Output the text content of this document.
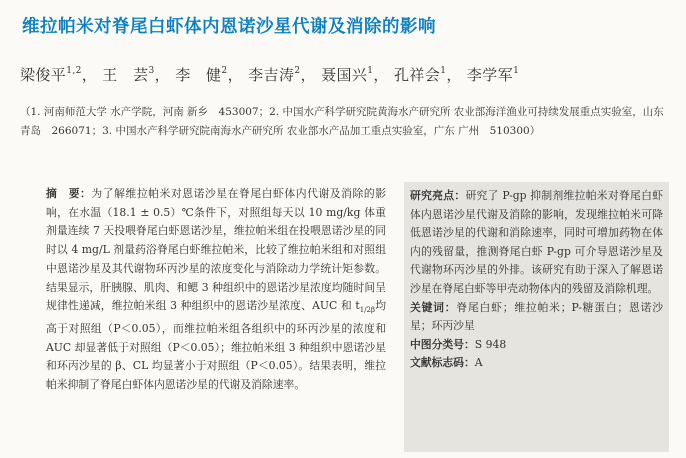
维拉帕米对脊尾白虾体内恩诺沙星代谢及消除的影响
梁俊平$^{1,2}$， 王　芸$^3$， 李　健$^2$， 李吉涛$^2$， 聂国兴$^1$， 孔祥会$^1$， 李学军$^1$
（1. 河南师范大学 水产学院，河南 新乡　453007；2. 中国水产科学研究院黄海水产研究所 农业部海洋渔业可持续发展重点实验室，山东 青岛　266071；3. 中国水产科学研究院南海水产研究所 农业部水产品加工重点实验室，广东 广州　510300）
摘　要：为了解维拉帕米对恩诺沙星在脊尾白虾体内代谢及消除的影响，在水温（18.1 ± 0.5）℃条件下，对照组每天以 10 mg/kg 体重剂量连续 7 天投喂脊尾白虾恩诺沙星，维拉帕米组在投喂恩诺沙星的同时以 4 mg/L 剂量药浴脊尾白虾维拉帕米，比较了维拉帕米组和对照组中恩诺沙星及其代谢物环丙沙星的浓度变化与消除动力学统计矩参数。结果显示，肝胰腺、肌肉、和鳃 3 种组织中的恩诺沙星浓度均随时间呈规律性递减，维拉帕米组 3 种组织中的恩诺沙星浓度、AUC 和 $t_{1/2\beta}$均高于对照组（P＜0.05），而维拉帕米组各组织中的环丙沙星的浓度和 AUC 却显著低于对照组（P＜0.05）；维拉帕米组 3 种组织中恩诺沙星和环丙沙星的 β、CL 均显著小于对照组（P＜0.05）。结果表明，维拉帕米抑制了脊尾白虾体内恩诺沙星的代谢及消除速率。
研究亮点：研究了 P-gp 抑制剂维拉帕米对脊尾白虾体内恩诺沙星代谢及消除的影响，发现维拉帕米可降低恩诺沙星的代谢和消除速率，同时可增加药物在体内的残留量，推测脊尾白虾 P-gp 可介导恩诺沙星及代谢物环丙沙星的外排。该研究有助于深入了解恩诺沙星在脊尾白虾等甲壳动物体内的残留及消除机理。
关键词：脊尾白虾；维拉帕米；P-糖蛋白；恩诺沙星；环丙沙星
中图分类号：S 948
文献标志码：A
